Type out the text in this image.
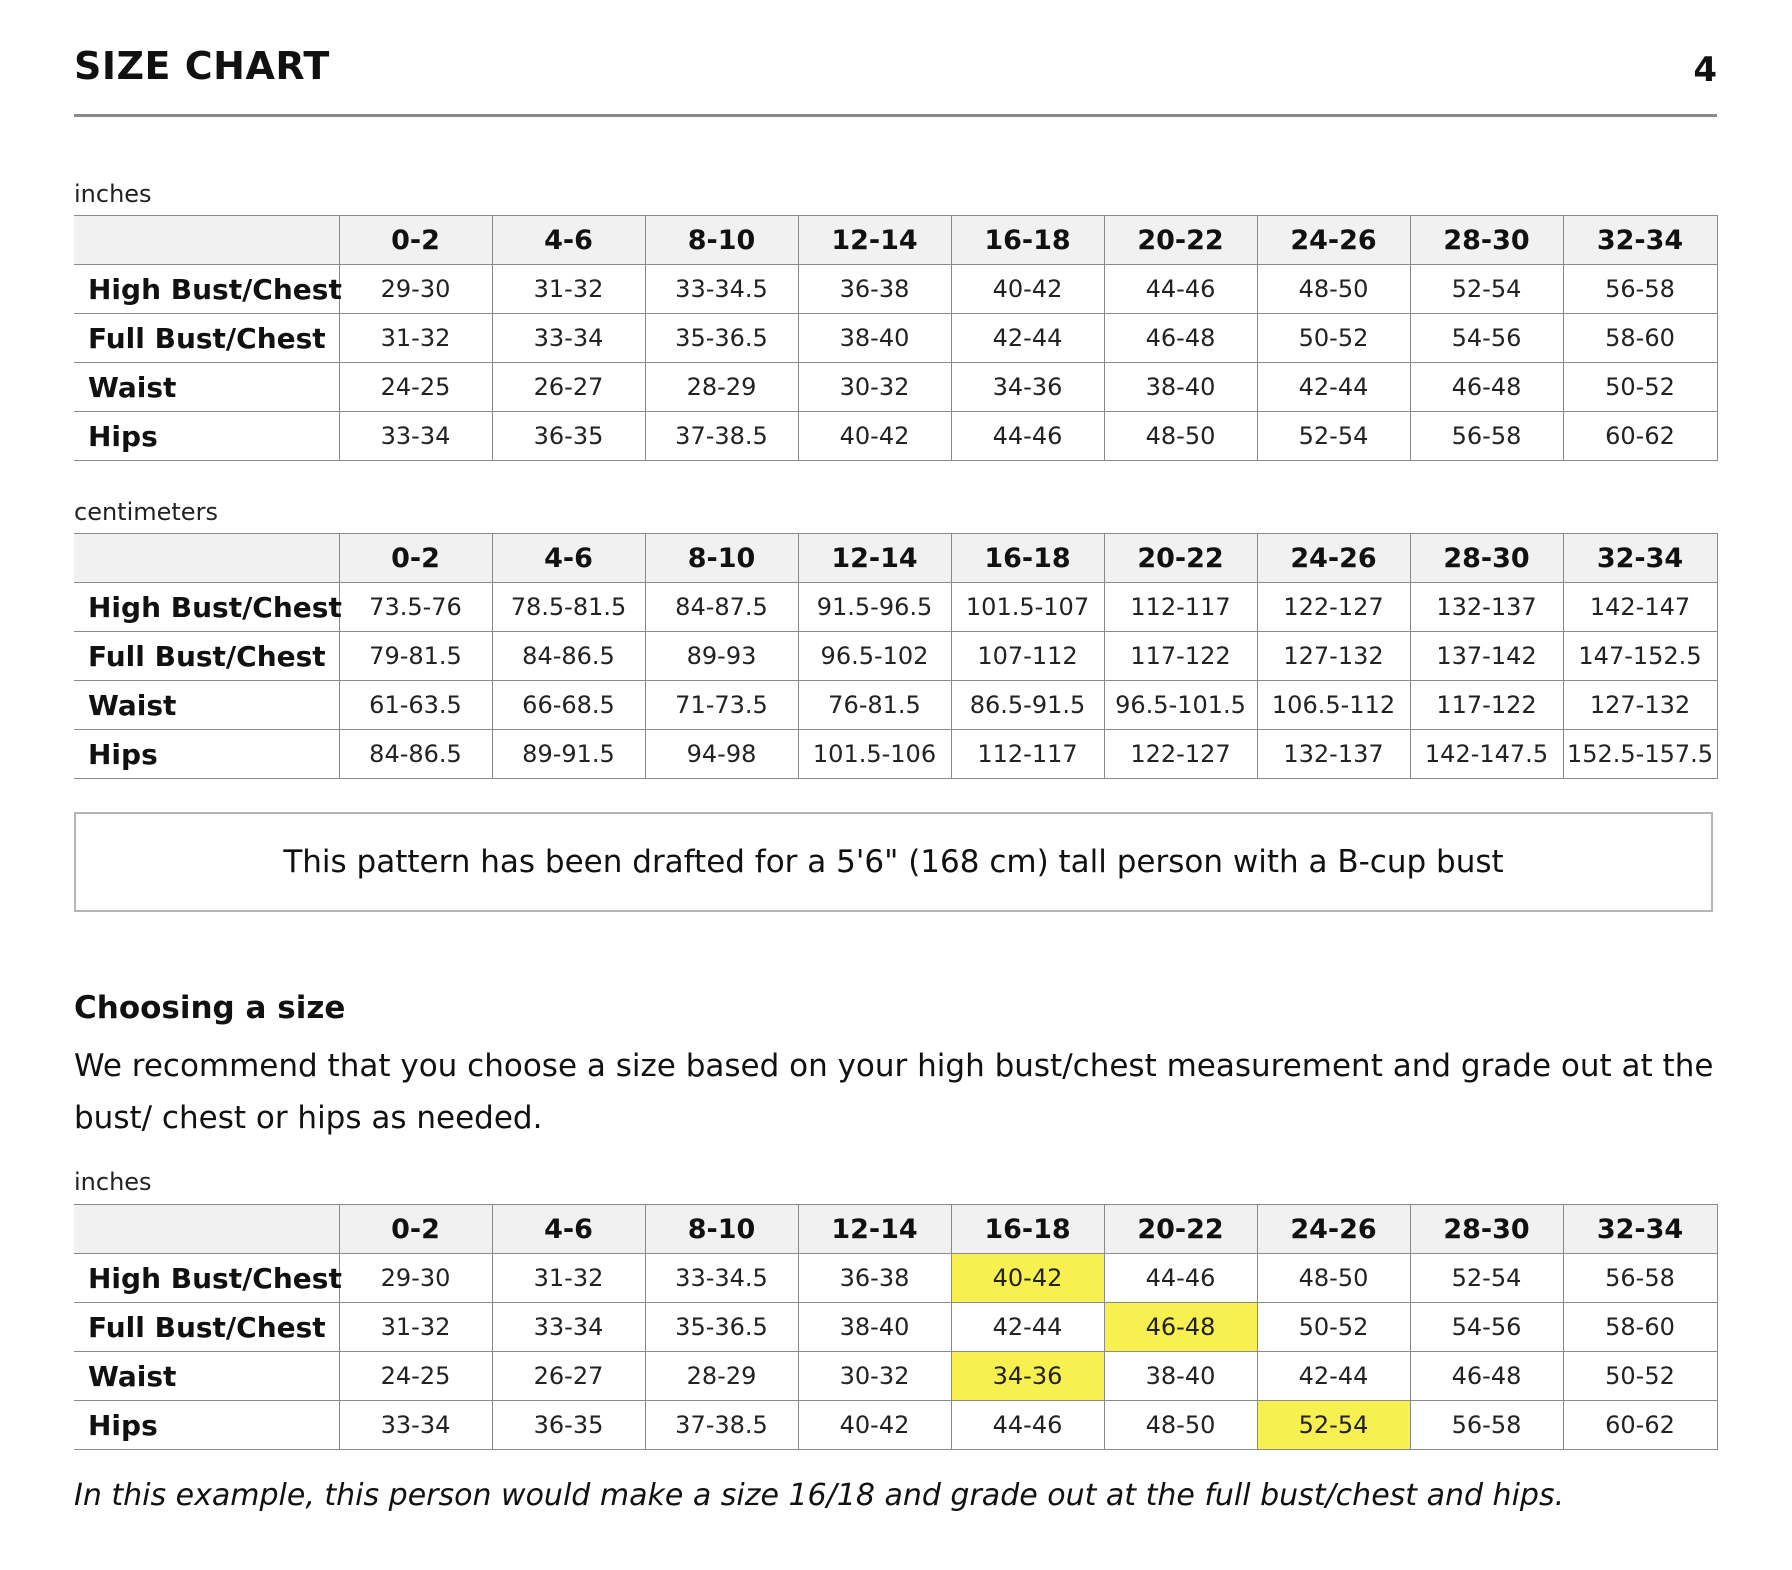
SIZE CHART	4
inches
	0-2	4-6	8-10	12-14	16-18	20-22	24-26	28-30	32-34
High Bust/Chest	29-30	31-32	33-34.5	36-38	40-42	44-46	48-50	52-54	56-58
Full Bust/Chest	31-32	33-34	35-36.5	38-40	42-44	46-48	50-52	54-56	58-60
Waist	24-25	26-27	28-29	30-32	34-36	38-40	42-44	46-48	50-52
Hips	33-34	36-35	37-38.5	40-42	44-46	48-50	52-54	56-58	60-62
centimeters
	0-2	4-6	8-10	12-14	16-18	20-22	24-26	28-30	32-34
High Bust/Chest	73.5-76	78.5-81.5	84-87.5	91.5-96.5	101.5-107	112-117	122-127	132-137	142-147
Full Bust/Chest	79-81.5	84-86.5	89-93	96.5-102	107-112	117-122	127-132	137-142	147-152.5
Waist	61-63.5	66-68.5	71-73.5	76-81.5	86.5-91.5	96.5-101.5	106.5-112	117-122	127-132
Hips	84-86.5	89-91.5	94-98	101.5-106	112-117	122-127	132-137	142-147.5	152.5-157.5
This pattern has been drafted for a 5'6" (168 cm) tall person with a B-cup bust
Choosing a size
We recommend that you choose a size based on your high bust/chest measurement and grade out at the bust/ chest or hips as needed.
inches
	0-2	4-6	8-10	12-14	16-18	20-22	24-26	28-30	32-34
High Bust/Chest	29-30	31-32	33-34.5	36-38	40-42	44-46	48-50	52-54	56-58
Full Bust/Chest	31-32	33-34	35-36.5	38-40	42-44	46-48	50-52	54-56	58-60
Waist	24-25	26-27	28-29	30-32	34-36	38-40	42-44	46-48	50-52
Hips	33-34	36-35	37-38.5	40-42	44-46	48-50	52-54	56-58	60-62
In this example, this person would make a size 16/18 and grade out at the full bust/chest and hips.
